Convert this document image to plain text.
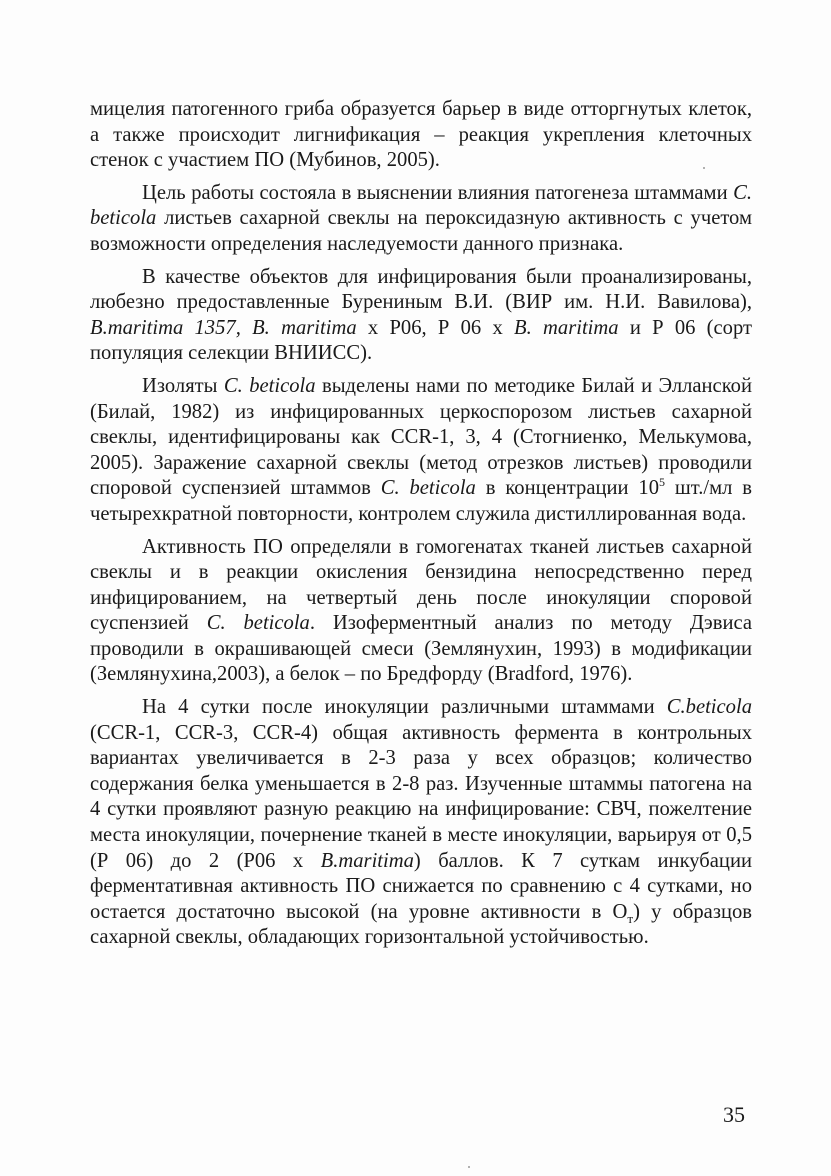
мицелия патогенного гриба образуется барьер в виде отторгнутых клеток, а также происходит лигнификация – реакция укрепления клеточных стенок с участием ПО (Мубинов, 2005).

Цель работы состояла в выяснении влияния патогенеза штаммами C. beticola листьев сахарной свеклы на пероксидазную активность с учетом возможности определения наследуемости данного признака.

В качестве объектов для инфицирования были проанализированы, любезно предоставленные Бурениным В.И. (ВИР им. Н.И. Вавилова), B.maritima 1357, B. maritima х Р06, Р 06 х B. maritima и Р 06 (сорт популяция селекции ВНИИСС).

Изоляты C. beticola выделены нами по методике Билай и Элланской (Билай, 1982) из инфицированных церкоспорозом листьев сахарной свеклы, идентифицированы как CCR-1, 3, 4 (Стогниенко, Мелькумова, 2005). Заражение сахарной свеклы (метод отрезков листьев) проводили споровой суспензией штаммов C. beticola в концентрации $10^5$ шт./мл в четырехкратной повторности, контролем служила дистиллированная вода.

Активность ПО определяли в гомогенатах тканей листьев сахарной свеклы и в реакции окисления бензидина непосредственно перед инфицированием, на четвертый день после инокуляции споровой суспензией C. beticola. Изоферментный анализ по методу Дэвиса проводили в окрашивающей смеси (Землянухин, 1993) в модификации (Землянухина,2003), а белок – по Бредфорду (Bradford, 1976).

На 4 сутки после инокуляции различными штаммами C.beticola (CCR-1, CCR-3, CCR-4) общая активность фермента в контрольных вариантах увеличивается в 2-3 раза у всех образцов; количество содержания белка уменьшается в 2-8 раз. Изученные штаммы патогена на 4 сутки проявляют разную реакцию на инфицирование: СВЧ, пожелтение места инокуляции, почернение тканей в месте инокуляции, варьируя от 0,5 (Р 06) до 2 (Р06 х B.maritima) баллов. К 7 суткам инкубации ферментативная активность ПО снижается по сравнению с 4 сутками, но остается достаточно высокой (на уровне активности в $О_т$) у образцов сахарной свеклы, обладающих горизонтальной устойчивостью.

35
